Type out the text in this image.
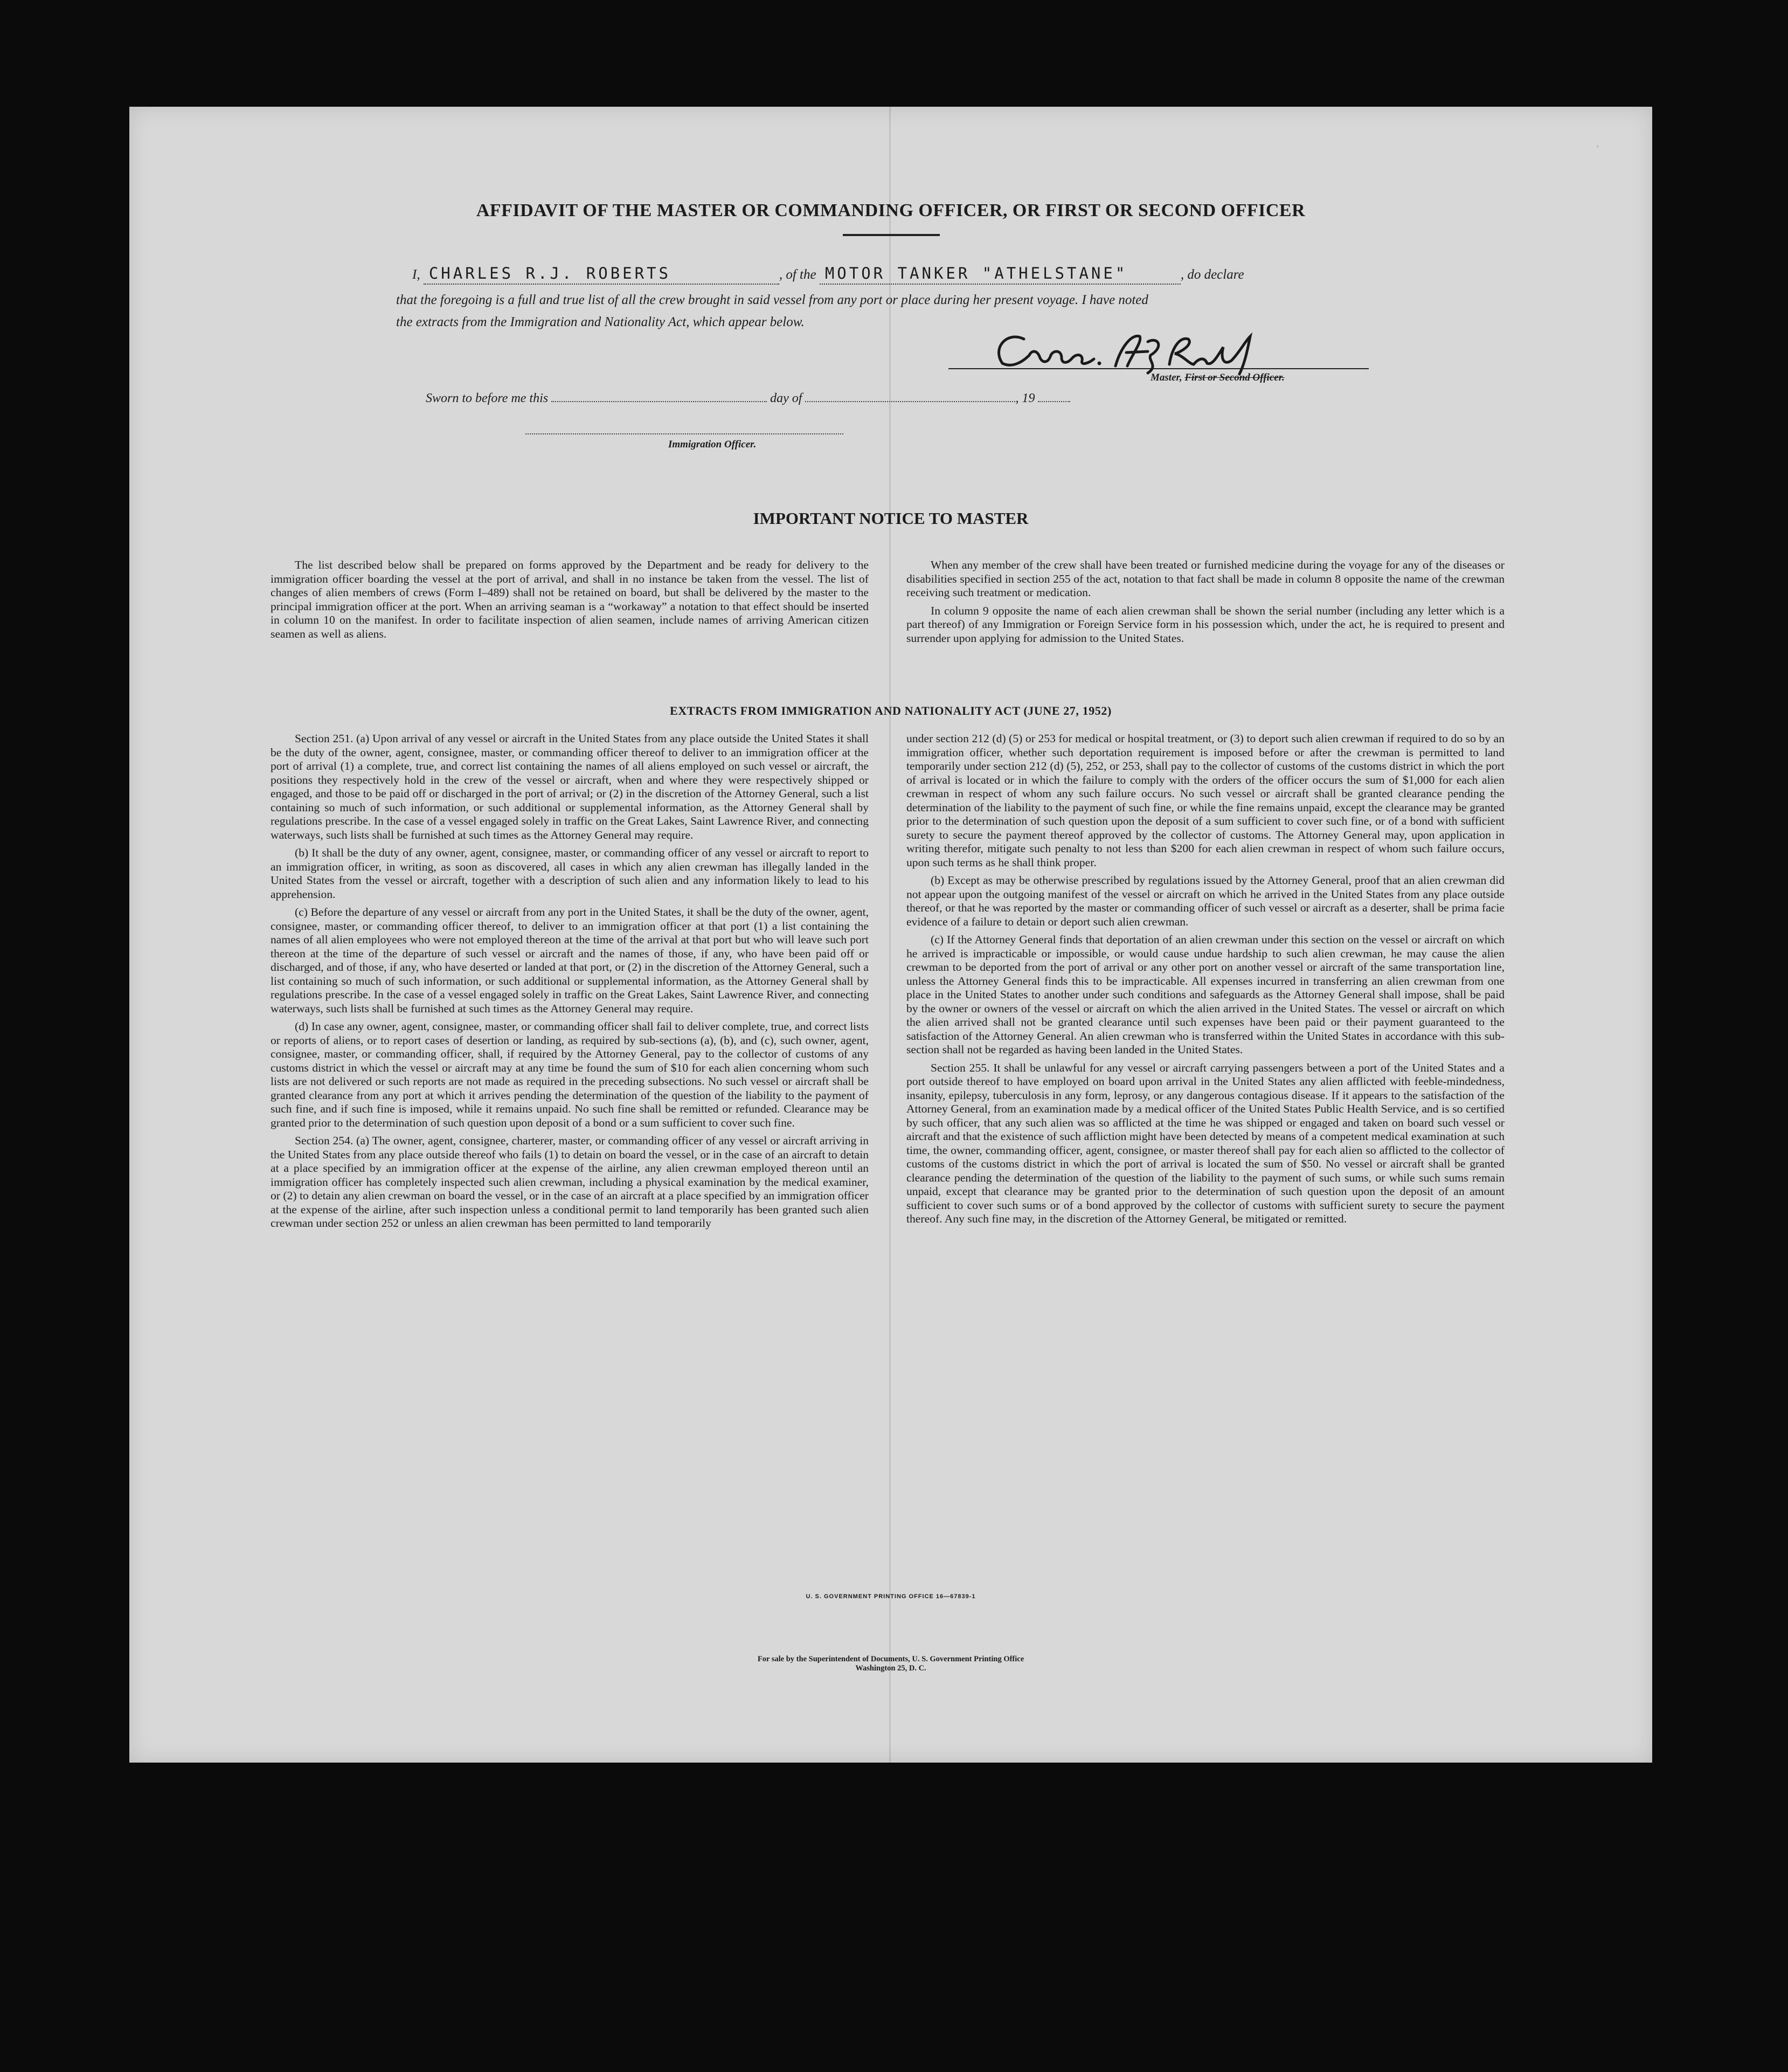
AFFIDAVIT OF THE MASTER OR COMMANDING OFFICER, OR FIRST OR SECOND OFFICER
I, CHARLES R.J. ROBERTS	, of the MOTOR TANKER "ATHELSTANE"	, do declare
that the foregoing is a full and true list of all the crew brought in said vessel from any port or place during her present voyage. I have noted
the extracts from the Immigration and Nationality Act, which appear below.
Master, First or Second Officer.
Sworn to before me this	day of	, 19
Immigration Officer.
IMPORTANT NOTICE TO MASTER

The list described below shall be prepared on forms approved by the Department and be ready for delivery to the immigration officer boarding the vessel at the port of arrival, and shall in no instance be taken from the vessel. The list of changes of alien members of crews (Form I–489) shall not be retained on board, but shall be delivered by the master to the principal immigration officer at the port. When an arriving seaman is a “workaway” a notation to that effect should be inserted in column 10 on the manifest. In order to facilitate inspection of alien seamen, include names of arriving American citizen seamen as well as aliens.

When any member of the crew shall have been treated or furnished medicine during the voyage for any of the diseases or disabilities specified in section 255 of the act, notation to that fact shall be made in column 8 opposite the name of the crewman receiving such treatment or medication.

In column 9 opposite the name of each alien crewman shall be shown the serial number (including any letter which is a part thereof) of any Immigration or Foreign Service form in his possession which, under the act, he is required to present and surrender upon applying for admission to the United States.

EXTRACTS FROM IMMIGRATION AND NATIONALITY ACT (JUNE 27, 1952)

Section 251. (a) Upon arrival of any vessel or aircraft in the United States from any place outside the United States it shall be the duty of the owner, agent, consignee, master, or commanding officer thereof to deliver to an immigration officer at the port of arrival (1) a complete, true, and correct list containing the names of all aliens employed on such vessel or aircraft, the positions they respectively hold in the crew of the vessel or aircraft, when and where they were respectively shipped or engaged, and those to be paid off or discharged in the port of arrival; or (2) in the discretion of the Attorney General, such a list containing so much of such information, or such additional or supplemental information, as the Attorney General shall by regulations prescribe. In the case of a vessel engaged solely in traffic on the Great Lakes, Saint Lawrence River, and connecting waterways, such lists shall be furnished at such times as the Attorney General may require.

(b) It shall be the duty of any owner, agent, consignee, master, or commanding officer of any vessel or aircraft to report to an immigration officer, in writing, as soon as discovered, all cases in which any alien crewman has illegally landed in the United States from the vessel or aircraft, together with a description of such alien and any information likely to lead to his apprehension.

(c) Before the departure of any vessel or aircraft from any port in the United States, it shall be the duty of the owner, agent, consignee, master, or commanding officer thereof, to deliver to an immigration officer at that port (1) a list containing the names of all alien employees who were not employed thereon at the time of the arrival at that port but who will leave such port thereon at the time of the departure of such vessel or aircraft and the names of those, if any, who have been paid off or discharged, and of those, if any, who have deserted or landed at that port, or (2) in the discretion of the Attorney General, such a list containing so much of such information, or such additional or supplemental information, as the Attorney General shall by regulations prescribe. In the case of a vessel engaged solely in traffic on the Great Lakes, Saint Lawrence River, and connecting waterways, such lists shall be furnished at such times as the Attorney General may require.

(d) In case any owner, agent, consignee, master, or commanding officer shall fail to deliver complete, true, and correct lists or reports of aliens, or to report cases of desertion or landing, as required by sub-sections (a), (b), and (c), such owner, agent, consignee, master, or commanding officer, shall, if required by the Attorney General, pay to the collector of customs of any customs district in which the vessel or aircraft may at any time be found the sum of $10 for each alien concerning whom such lists are not delivered or such reports are not made as required in the preceding subsections. No such vessel or aircraft shall be granted clearance from any port at which it arrives pending the determination of the question of the liability to the payment of such fine, and if such fine is imposed, while it remains unpaid. No such fine shall be remitted or refunded. Clearance may be granted prior to the determination of such question upon deposit of a bond or a sum sufficient to cover such fine.

Section 254. (a) The owner, agent, consignee, charterer, master, or commanding officer of any vessel or aircraft arriving in the United States from any place outside thereof who fails (1) to detain on board the vessel, or in the case of an aircraft to detain at a place specified by an immigration officer at the expense of the airline, any alien crewman employed thereon until an immigration officer has completely inspected such alien crewman, including a physical examination by the medical examiner, or (2) to detain any alien crewman on board the vessel, or in the case of an aircraft at a place specified by an immigration officer at the expense of the airline, after such inspection unless a conditional permit to land temporarily has been granted such alien crewman under section 252 or unless an alien crewman has been permitted to land temporarily

under section 212 (d) (5) or 253 for medical or hospital treatment, or (3) to deport such alien crewman if required to do so by an immigration officer, whether such deportation requirement is imposed before or after the crewman is permitted to land temporarily under section 212 (d) (5), 252, or 253, shall pay to the collector of customs of the customs district in which the port of arrival is located or in which the failure to comply with the orders of the officer occurs the sum of $1,000 for each alien crewman in respect of whom any such failure occurs. No such vessel or aircraft shall be granted clearance pending the determination of the liability to the payment of such fine, or while the fine remains unpaid, except the clearance may be granted prior to the determination of such question upon the deposit of a sum sufficient to cover such fine, or of a bond with sufficient surety to secure the payment thereof approved by the collector of customs. The Attorney General may, upon application in writing therefor, mitigate such penalty to not less than $200 for each alien crewman in respect of whom such failure occurs, upon such terms as he shall think proper.

(b) Except as may be otherwise prescribed by regulations issued by the Attorney General, proof that an alien crewman did not appear upon the outgoing manifest of the vessel or aircraft on which he arrived in the United States from any place outside thereof, or that he was reported by the master or commanding officer of such vessel or aircraft as a deserter, shall be prima facie evidence of a failure to detain or deport such alien crewman.

(c) If the Attorney General finds that deportation of an alien crewman under this section on the vessel or aircraft on which he arrived is impracticable or impossible, or would cause undue hardship to such alien crewman, he may cause the alien crewman to be deported from the port of arrival or any other port on another vessel or aircraft of the same transportation line, unless the Attorney General finds this to be impracticable. All expenses incurred in transferring an alien crewman from one place in the United States to another under such conditions and safeguards as the Attorney General shall impose, shall be paid by the owner or owners of the vessel or aircraft on which the alien arrived in the United States. The vessel or aircraft on which the alien arrived shall not be granted clearance until such expenses have been paid or their payment guaranteed to the satisfaction of the Attorney General. An alien crewman who is transferred within the United States in accordance with this sub-section shall not be regarded as having been landed in the United States.

Section 255. It shall be unlawful for any vessel or aircraft carrying passengers between a port of the United States and a port outside thereof to have employed on board upon arrival in the United States any alien afflicted with feeble-mindedness, insanity, epilepsy, tuberculosis in any form, leprosy, or any dangerous contagious disease. If it appears to the satisfaction of the Attorney General, from an examination made by a medical officer of the United States Public Health Service, and is so certified by such officer, that any such alien was so afflicted at the time he was shipped or engaged and taken on board such vessel or aircraft and that the existence of such affliction might have been detected by means of a competent medical examination at such time, the owner, commanding officer, agent, consignee, or master thereof shall pay for each alien so afflicted to the collector of customs of the customs district in which the port of arrival is located the sum of $50. No vessel or aircraft shall be granted clearance pending the determination of the question of the liability to the payment of such sums, or while such sums remain unpaid, except that clearance may be granted prior to the determination of such question upon the deposit of an amount sufficient to cover such sums or of a bond approved by the collector of customs with sufficient surety to secure the payment thereof. Any such fine may, in the discretion of the Attorney General, be mitigated or remitted.

U. S. GOVERNMENT PRINTING OFFICE 16—67839-1
For sale by the Superintendent of Documents, U. S. Government Printing Office
Washington 25, D. C.
·
